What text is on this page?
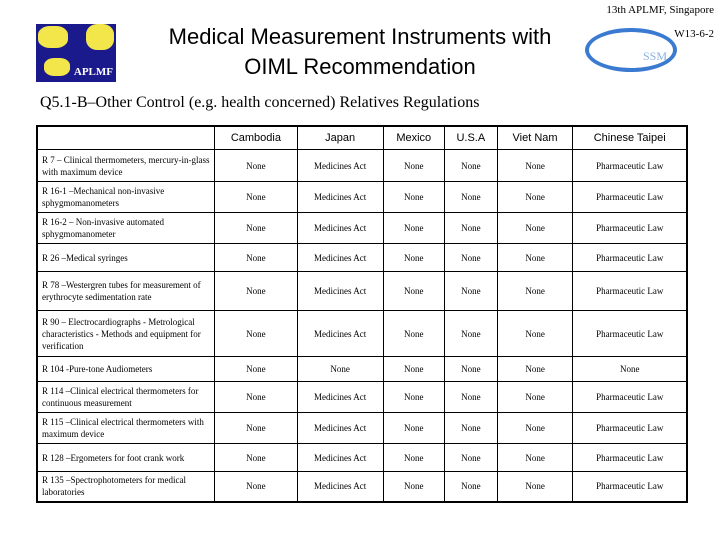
13th APLMF, Singapore
W13-6-2
APLMF
Medical Measurement Instruments with
OIML Recommendation	SSM
Q5.1-B–Other Control (e.g. health concerned) Relatives Regulations
	Cambodia	Japan	Mexico	U.S.A	Viet Nam	Chinese Taipei
R 7 – Clinical thermometers, mercury-in-glass with maximum device	None	Medicines Act	None	None	None	Pharmaceutic Law
R 16-1 –Mechanical non-invasive sphygmomanometers	None	Medicines Act	None	None	None	Pharmaceutic Law
R 16-2 – Non-invasive automated sphygmomanometer	None	Medicines Act	None	None	None	Pharmaceutic Law
R 26 –Medical syringes	None	Medicines Act	None	None	None	Pharmaceutic Law
R 78 –Westergren tubes for measurement of erythrocyte sedimentation rate	None	Medicines Act	None	None	None	Pharmaceutic Law
R 90 – Electrocardiographs - Metrological characteristics - Methods and equipment for verification	None	Medicines Act	None	None	None	Pharmaceutic Law
R 104 -Pure-tone Audiometers	None	None	None	None	None	None
R 114 –Clinical electrical thermometers for continuous measurement	None	Medicines Act	None	None	None	Pharmaceutic Law
R 115 –Clinical electrical thermometers with maximum device	None	Medicines Act	None	None	None	Pharmaceutic Law
R 128 –Ergometers for foot crank work	None	Medicines Act	None	None	None	Pharmaceutic Law
R 135 –Spectrophotometers for medical laboratories	None	Medicines Act	None	None	None	Pharmaceutic Law
